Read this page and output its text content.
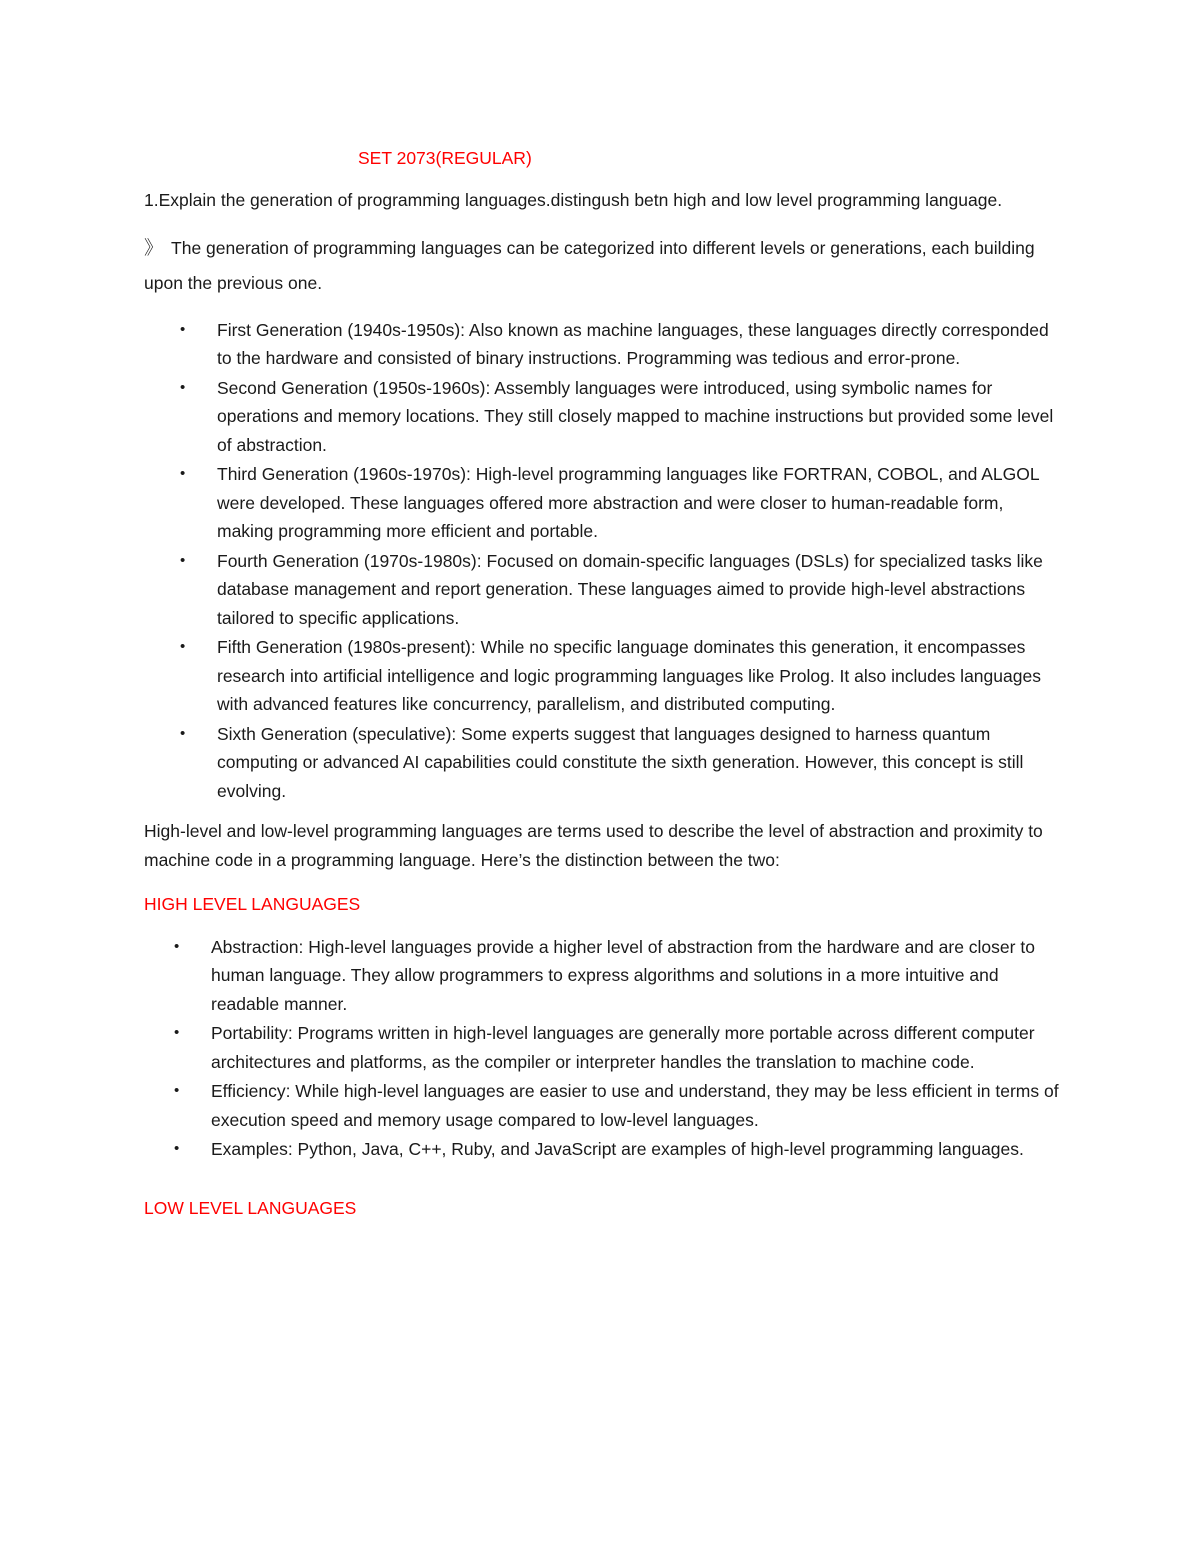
SET 2073(REGULAR)
1.Explain the generation of programming languages.distingush betn high and low level programming language.
》 The generation of programming languages can be categorized into different levels or generations, each building upon the previous one.
• First Generation (1940s-1950s): Also known as machine languages, these languages directly corresponded to the hardware and consisted of binary instructions. Programming was tedious and error-prone.
• Second Generation (1950s-1960s): Assembly languages were introduced, using symbolic names for operations and memory locations. They still closely mapped to machine instructions but provided some level of abstraction.
• Third Generation (1960s-1970s): High-level programming languages like FORTRAN, COBOL, and ALGOL were developed. These languages offered more abstraction and were closer to human-readable form, making programming more efficient and portable.
• Fourth Generation (1970s-1980s): Focused on domain-specific languages (DSLs) for specialized tasks like database management and report generation. These languages aimed to provide high-level abstractions tailored to specific applications.
• Fifth Generation (1980s-present): While no specific language dominates this generation, it encompasses research into artificial intelligence and logic programming languages like Prolog. It also includes languages with advanced features like concurrency, parallelism, and distributed computing.
• Sixth Generation (speculative): Some experts suggest that languages designed to harness quantum computing or advanced AI capabilities could constitute the sixth generation. However, this concept is still evolving.
High-level and low-level programming languages are terms used to describe the level of abstraction and proximity to machine code in a programming language. Here’s the distinction between the two:
HIGH LEVEL LANGUAGES
• Abstraction: High-level languages provide a higher level of abstraction from the hardware and are closer to human language. They allow programmers to express algorithms and solutions in a more intuitive and readable manner.
• Portability: Programs written in high-level languages are generally more portable across different computer architectures and platforms, as the compiler or interpreter handles the translation to machine code.
• Efficiency: While high-level languages are easier to use and understand, they may be less efficient in terms of execution speed and memory usage compared to low-level languages.
• Examples: Python, Java, C++, Ruby, and JavaScript are examples of high-level programming languages.
LOW LEVEL LANGUAGES
